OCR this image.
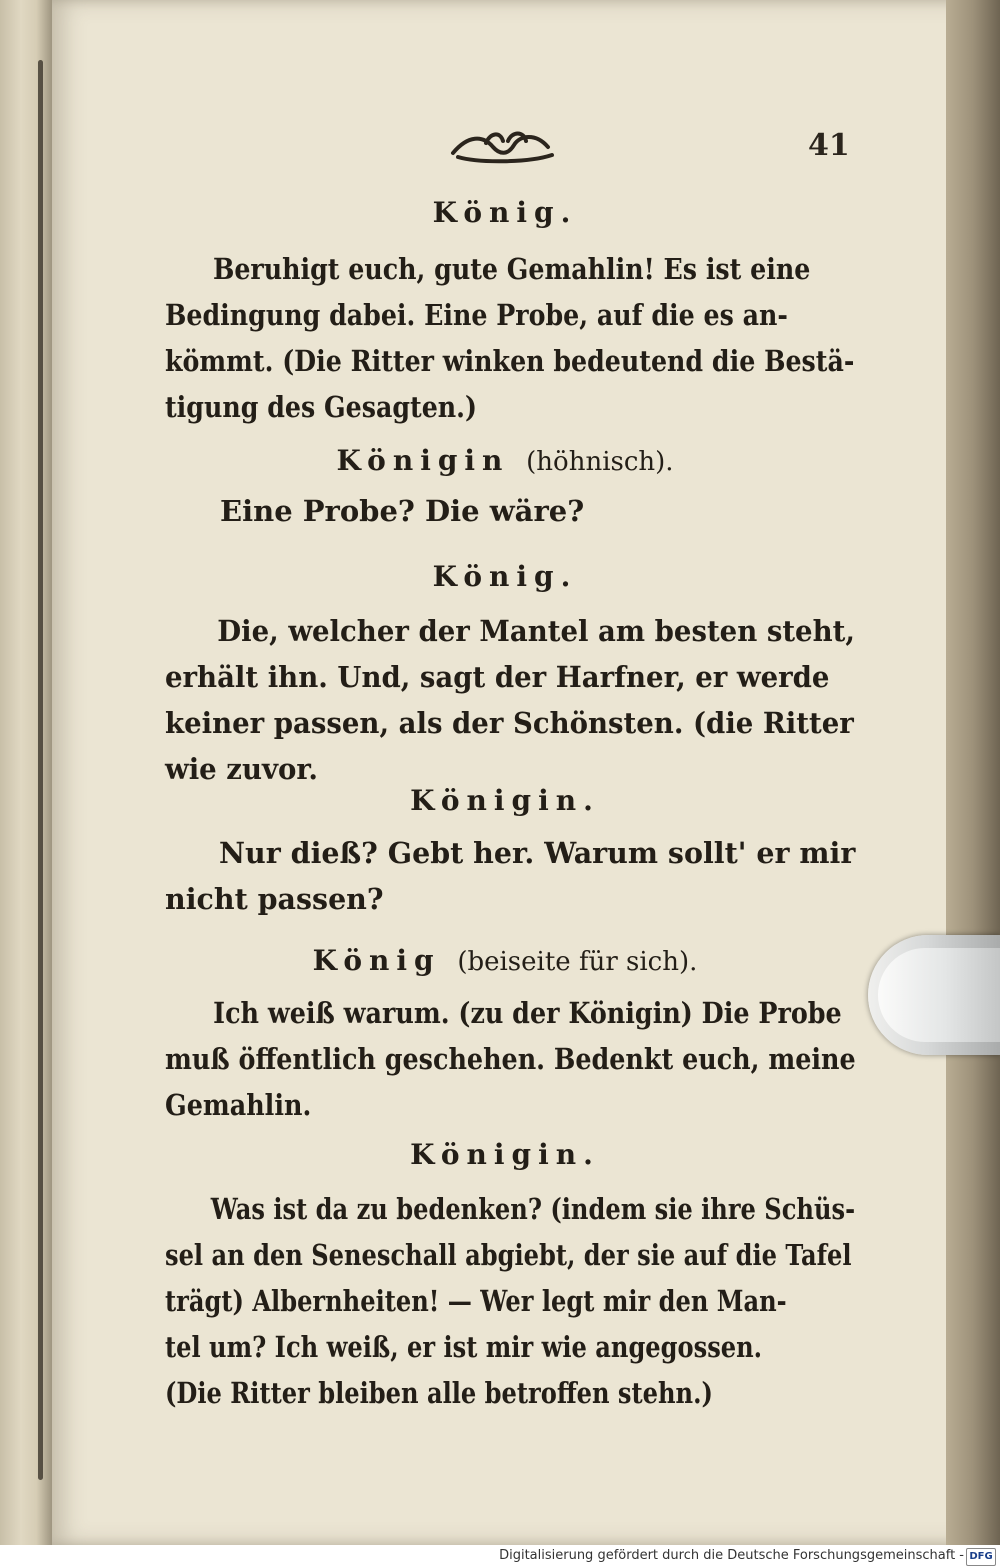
41
König.
Beruhigt euch, gute Gemahlin! Es ist eine
Bedingung dabei. Eine Probe, auf die es an-
kömmt. (Die Ritter winken bedeutend die Bestä-
tigung des Gesagten.)
Königin (höhnisch).
Eine Probe? Die wäre?
König.
Die, welcher der Mantel am besten steht,
erhält ihn. Und, sagt der Harfner, er werde
keiner passen, als der Schönsten. (die Ritter
wie zuvor.
Königin.
Nur dieß? Gebt her. Warum sollt' er mir
nicht passen?
König (beiseite für sich).
Ich weiß warum. (zu der Königin) Die Probe
muß öffentlich geschehen. Bedenkt euch, meine
Gemahlin.
Königin.
Was ist da zu bedenken? (indem sie ihre Schüs-
sel an den Seneschall abgiebt, der sie auf die Tafel
trägt) Albernheiten! — Wer legt mir den Man-
tel um? Ich weiß, er ist mir wie angegossen.
(Die Ritter bleiben alle betroffen stehn.)
Digitalisierung gefördert durch die Deutsche Forschungsgemeinschaft - DFG
